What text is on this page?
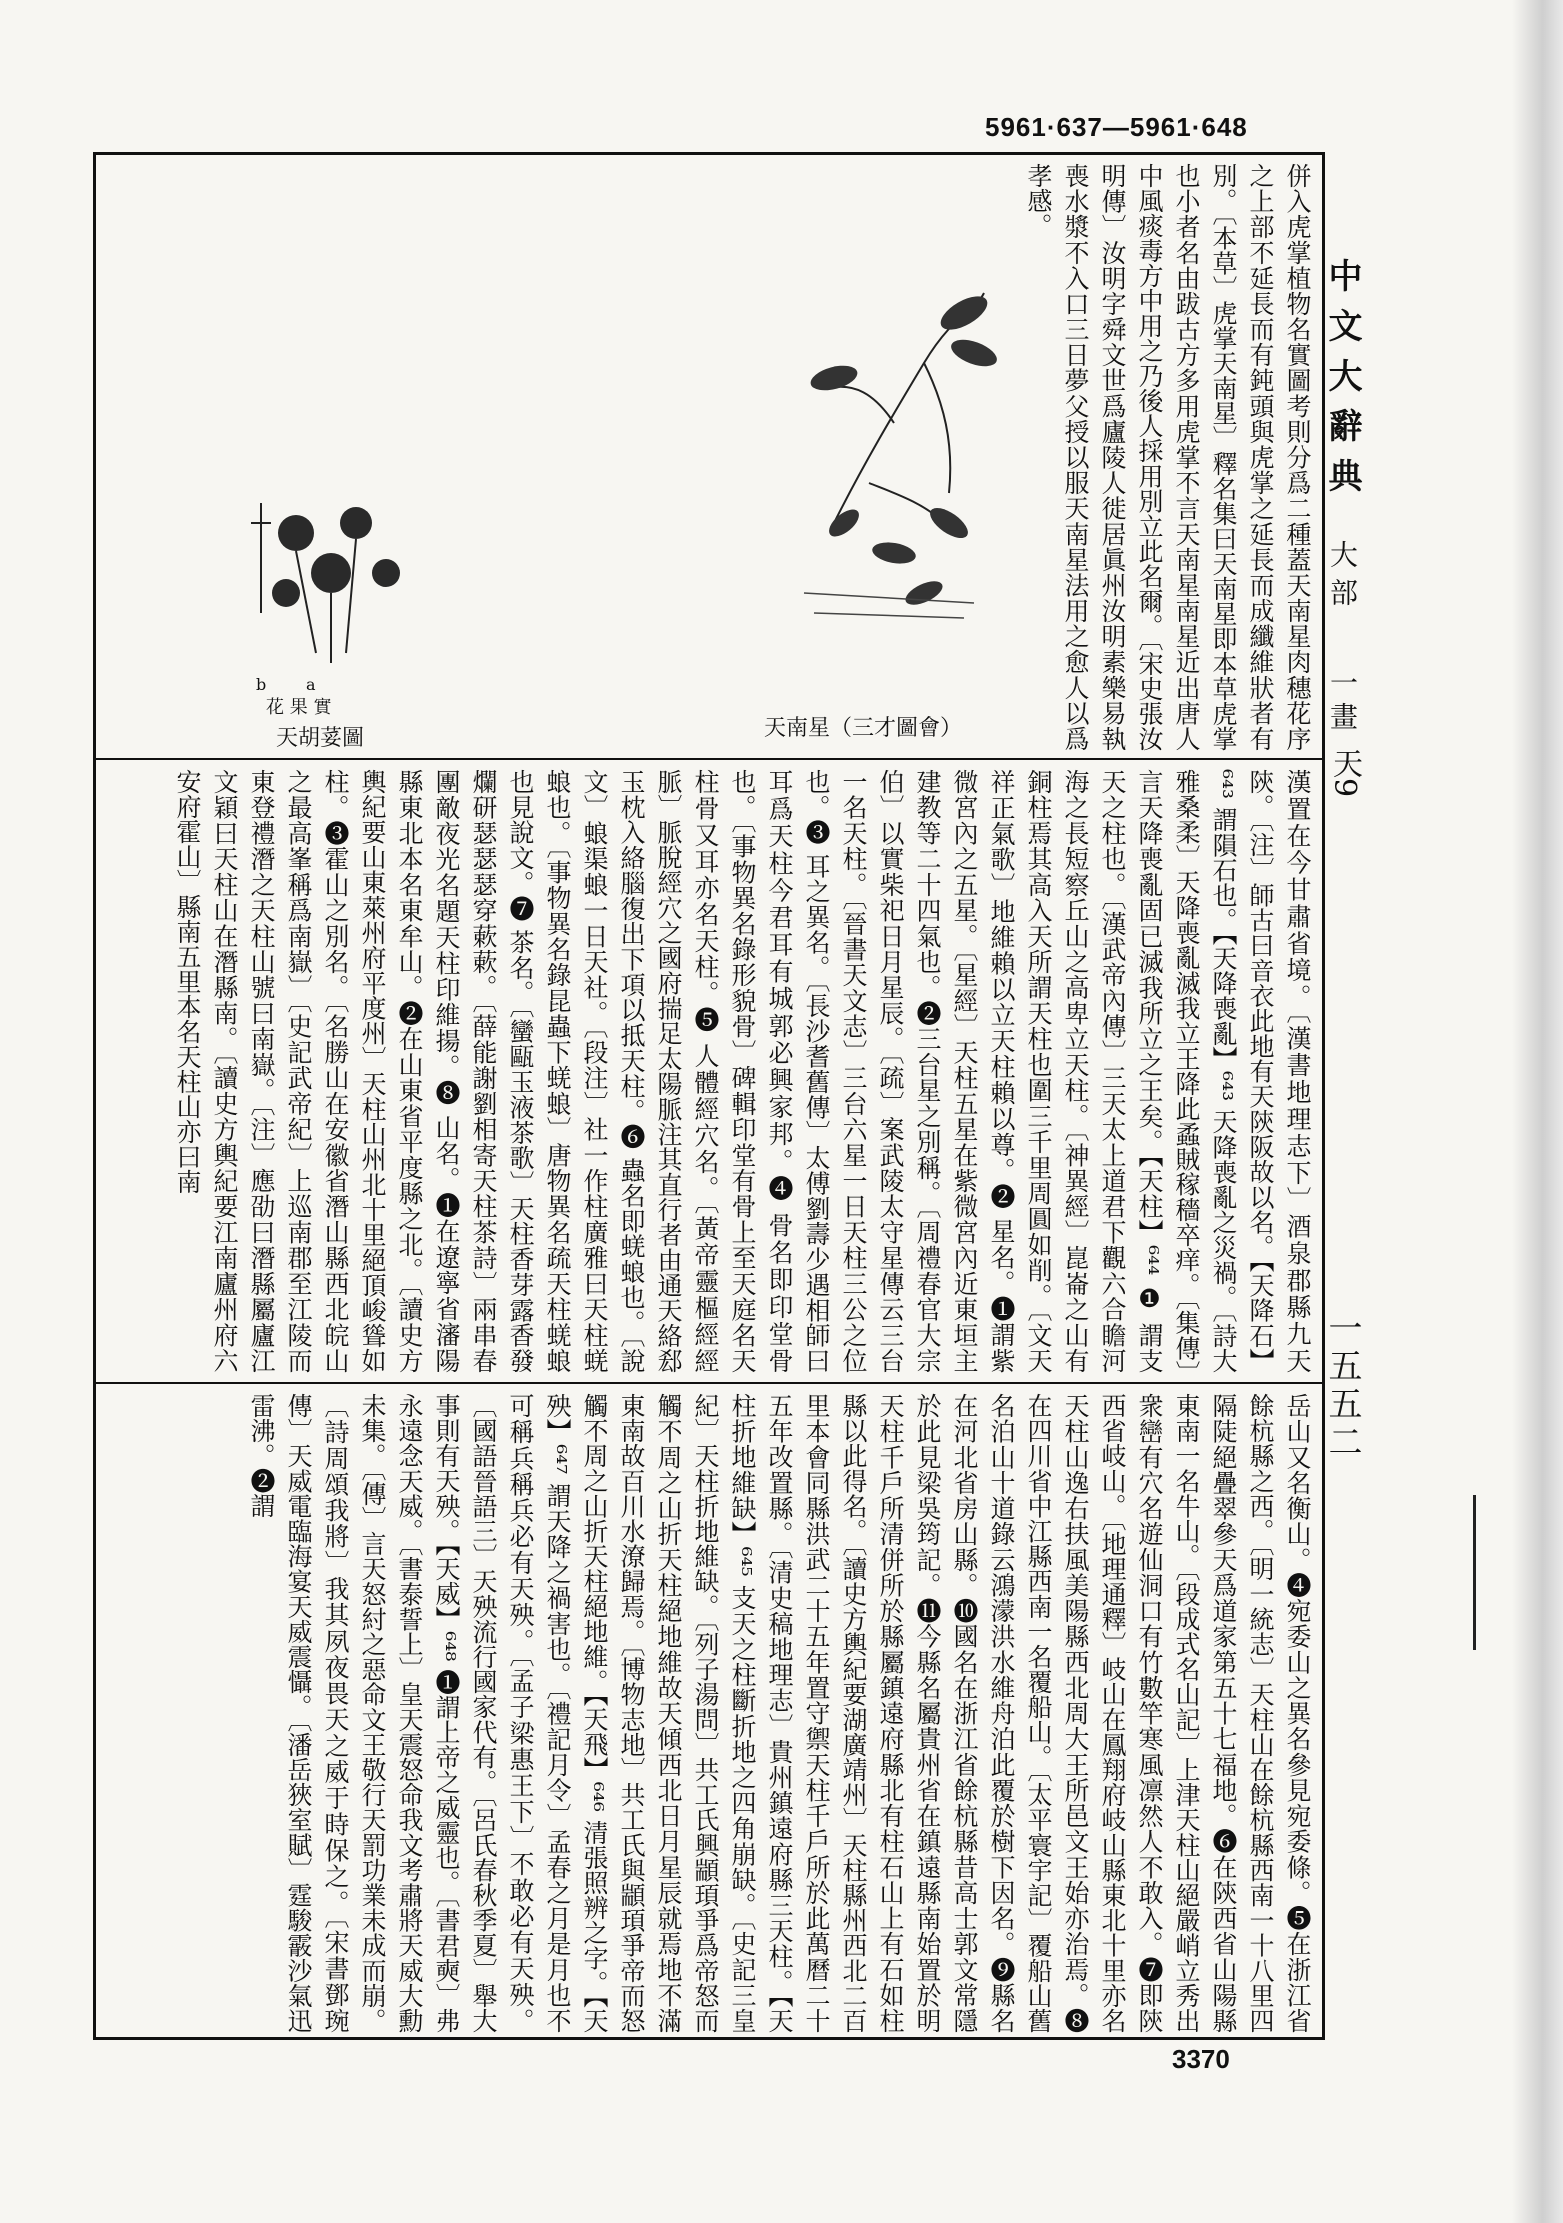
5961·637—5961·648
併入虎掌植物名實圖考則分爲二種蓋天南星肉穗花序之上部不延長而有鈍頭與虎掌之延長而成纖維狀者有別。〔本草〕虎掌天南星〕釋名集曰天南星即本草虎掌也小者名由跋古方多用虎掌不言天南星南星近出唐人中風痰毒方中用之乃後人採用別立此名爾。〔宋史張汝明傳〕汝明字舜文世爲廬陵人徙居眞州汝明素樂易執喪水漿不入口三日夢父授以服天南星法用之愈人以爲孝感。
天南星（三才圖會）
a
b
花 果 實
天胡荽圖
漢置在今甘肅省境。〔漢書地理志下〕酒泉郡縣九天陝。〔注〕師古曰音衣此地有天陝阪故以名。【天降石】⁶⁴³ 謂隕石也。【天降喪亂】⁶⁴³ 天降喪亂之災禍。〔詩大雅桑柔〕天降喪亂滅我立王降此蟊賊稼穡卒痒。〔集傳〕言天降喪亂固已滅我所立之王矣。【天柱】⁶⁴⁴ ❶ 謂支天之柱也。〔漢武帝內傳〕三天太上道君下觀六合瞻河海之長短察丘山之高卑立天柱。〔神異經〕崑崙之山有銅柱焉其高入天所謂天柱也圍三千里周圓如削。〔文天祥正氣歌〕地維賴以立天柱賴以尊。❷ 星名。❶謂紫微宮內之五星。〔星經〕天柱五星在紫微宮內近東垣主建教等二十四氣也。❷三台星之別稱。〔周禮春官大宗伯〕以實柴祀日月星辰。〔疏〕案武陵太守星傳云三台一名天柱。〔晉書天文志〕三台六星一日天柱三公之位也。❸ 耳之異名。〔長沙耆舊傳〕太傅劉壽少遇相師曰耳爲天柱今君耳有城郭必興家邦。❹ 骨名即印堂骨也。〔事物異名錄形貌骨〕碑輯印堂有骨上至天庭名天柱骨又耳亦名天柱。❺ 人體經穴名。〔黃帝靈樞經經脈〕脈脫經穴之國府揣足太陽脈注其直行者由通天絡郄玉枕入絡腦復出下項以抵天柱。❻ 蟲名即蜣蜋也。〔說文〕蜋渠蜋一日天社。〔段注〕社一作柱廣雅曰天柱蜣蜋也。〔事物異名錄昆蟲下蜣蜋〕唐物異名疏天柱蜣蜋也見說文。❼ 茶名。〔蠻甌玉液茶歌〕天柱香芽露香發爛研瑟瑟瑟穿蔌蔌。〔薛能謝劉相寄天柱茶詩〕兩串春團敵夜光名題天柱印維揚。❽ 山名。❶在遼寧省瀋陽縣東北本名東牟山。❷在山東省平度縣之北。〔讀史方輿紀要山東萊州府平度州〕天柱山州北十里絕頂峻聳如柱。❸霍山之別名。〔名勝山在安徽省潛山縣西北皖山之最高峯稱爲南嶽〕〔史記武帝紀〕上巡南郡至江陵而東登禮潛之天柱山號曰南嶽。〔注〕應劭曰潛縣屬廬江文穎曰天柱山在潛縣南。〔讀史方輿紀要江南廬州府六安府霍山〕縣南五里本名天柱山亦曰南
岳山又名衡山。❹宛委山之異名參見宛委條。❺在浙江省餘杭縣之西。〔明一統志〕天柱山在餘杭縣西南一十八里四隔陡絕疊翠參天爲道家第五十七福地。❻在陝西省山陽縣東南一名牛山。〔段成式名山記〕上津天柱山絕嚴峭立秀出衆巒有穴名遊仙洞口有竹數竿寒風凛然人不敢入。❼即陝西省岐山。〔地理通釋〕岐山在鳳翔府岐山縣東北十里亦名天柱山逸右扶風美陽縣西北周大王所邑文王始亦治焉。❽在四川省中江縣西南一名覆船山。〔太平寰宇記〕覆船山舊名泊山十道錄云鴻濛洪水維舟泊此覆於樹下因名。❾縣名在河北省房山縣。❿國名在浙江省餘杭縣昔高士郭文常隱於此見梁吳筠記。⓫今縣名屬貴州省在鎮遠縣南始置於明天柱千戶所清併所於縣屬鎮遠府縣北有柱石山上有石如柱縣以此得名。〔讀史方輿紀要湖廣靖州〕天柱縣州西北二百里本會同縣洪武二十五年置守禦天柱千戶所於此萬曆二十五年改置縣。〔清史稿地理志〕貴州鎮遠府縣三天柱。【天柱折地維缺】⁶⁴⁵ 支天之柱斷折地之四角崩缺。〔史記三皇紀〕天柱折地維缺。〔列子湯問〕共工氏興顓頊爭爲帝怒而觸不周之山折天柱絕地維故天傾西北日月星辰就焉地不滿東南故百川水潦歸焉。〔博物志地〕共工氏與顓頊爭帝而怒觸不周之山折天柱絕地維。【天飛】⁶⁴⁶ 清張照辨之字。【天殃】⁶⁴⁷ 謂天降之禍害也。〔禮記月令〕孟春之月是月也不可稱兵稱兵必有天殃。〔孟子梁惠王下〕不敢必有天殃。〔國語晉語三〕天殃流行國家代有。〔呂氏春秋季夏〕舉大事則有天殃。【天威】⁶⁴⁸ ❶謂上帝之威靈也。〔書君奭〕弗永遠念天威。〔書泰誓上〕皇天震怒命我文考肅將天威大勳未集。〔傳〕言天怒紂之惡命文王敬行天罰功業未成而崩。〔詩周頌我將〕我其夙夜畏天之威于時保之。〔宋書鄧琬傳〕天威電臨海宴天威震懾。〔潘岳狹室賦〕霆駿霰沙氣迅雷沸。❷謂
中文大辭典
大部
一畫
天9
一五五二
3370
